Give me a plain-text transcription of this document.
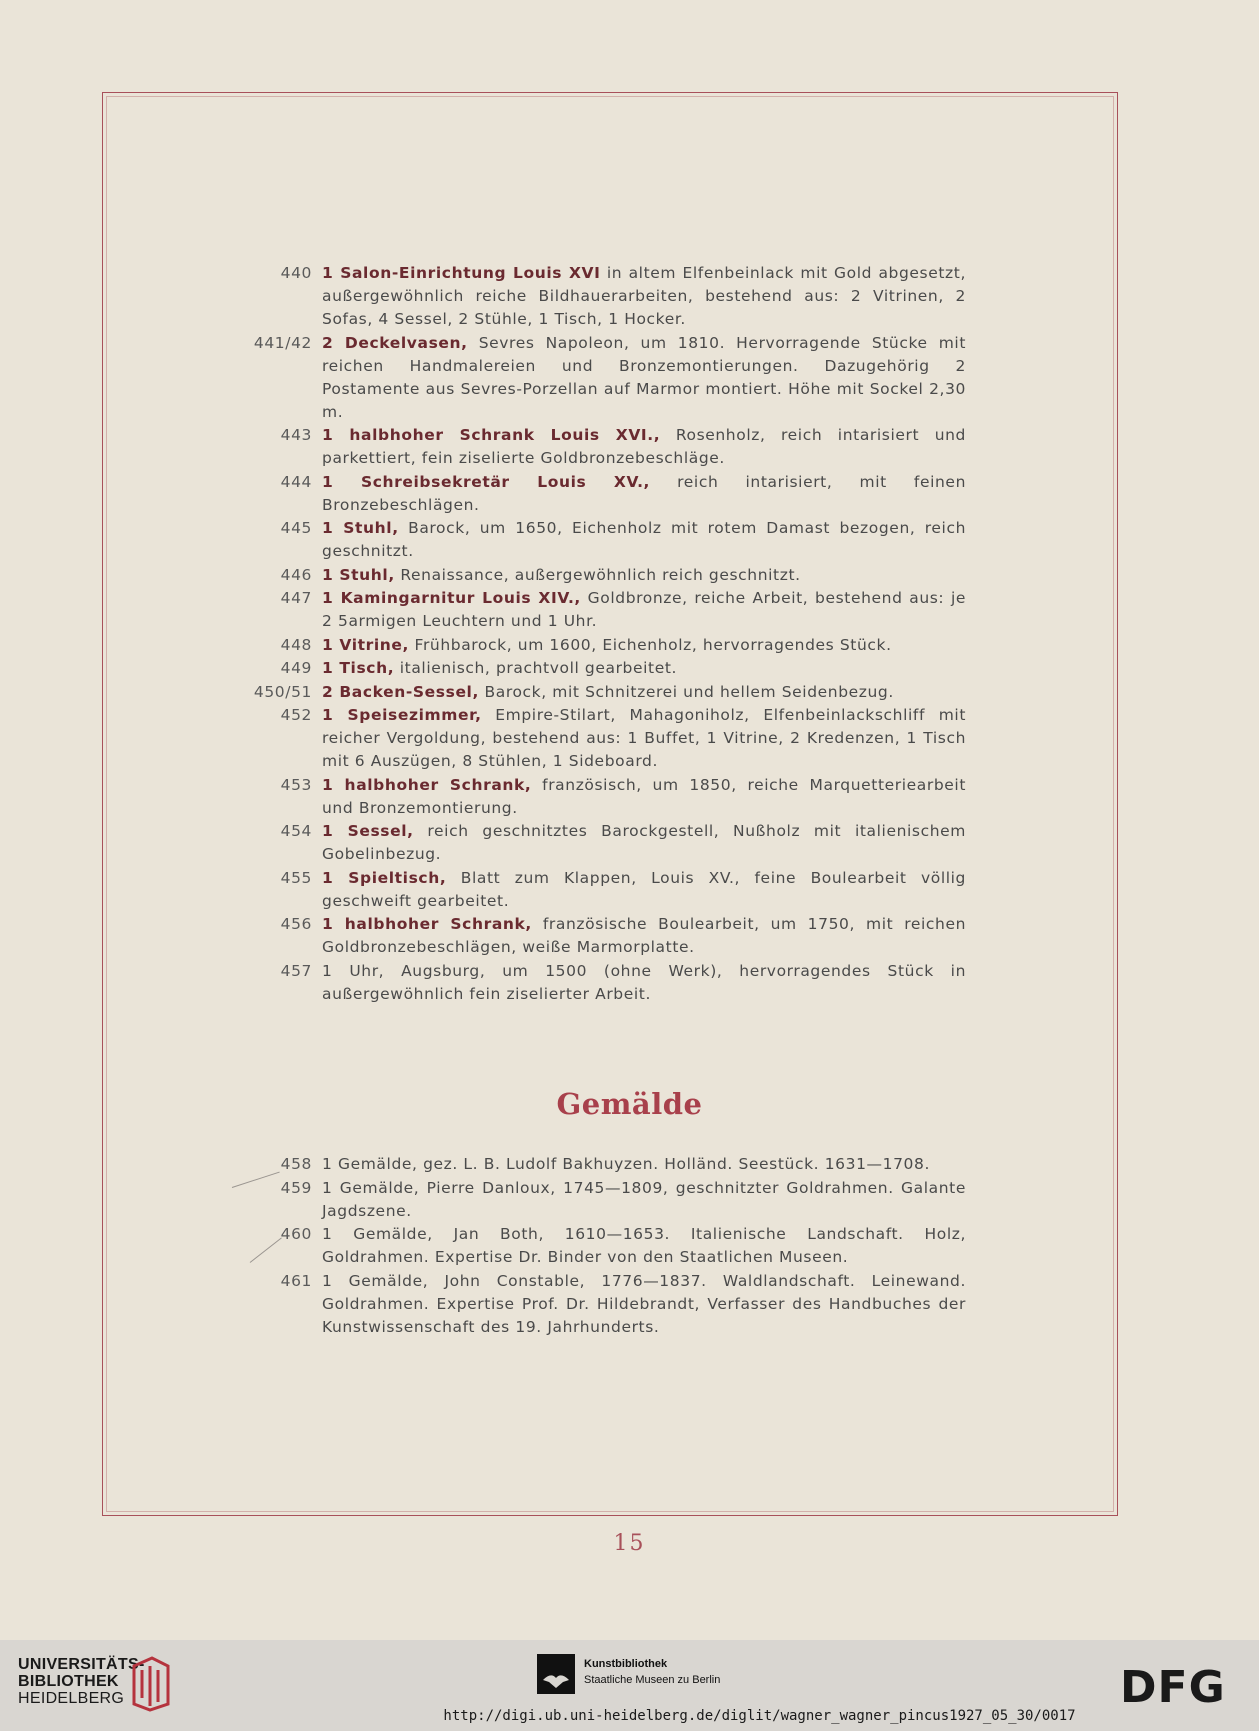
440 1 Salon-Einrichtung Louis XVI in altem Elfenbeinlack mit Gold abgesetzt, außergewöhnlich reiche Bildhauerarbeiten, bestehend aus: 2 Vitrinen, 2 Sofas, 4 Sessel, 2 Stühle, 1 Tisch, 1 Hocker.
441/42 2 Deckelvasen, Sevres Napoleon, um 1810. Hervorragende Stücke mit reichen Handmalereien und Bronzemontierungen. Dazugehörig 2 Postamente aus Sevres-Porzellan auf Marmor montiert. Höhe mit Sockel 2,30 m.
443 1 halbhoher Schrank Louis XVI., Rosenholz, reich intarisiert und parkettiert, fein ziselierte Goldbronzebeschläge.
444 1 Schreibsekretär Louis XV., reich intarisiert, mit feinen Bronzebeschlägen.
445 1 Stuhl, Barock, um 1650, Eichenholz mit rotem Damast bezogen, reich geschnitzt.
446 1 Stuhl, Renaissance, außergewöhnlich reich geschnitzt.
447 1 Kamingarnitur Louis XIV., Goldbronze, reiche Arbeit, bestehend aus: je 2 5armigen Leuchtern und 1 Uhr.
448 1 Vitrine, Frühbarock, um 1600, Eichenholz, hervorragendes Stück.
449 1 Tisch, italienisch, prachtvoll gearbeitet.
450/51 2 Backen-Sessel, Barock, mit Schnitzerei und hellem Seidenbezug.
452 1 Speisezimmer, Empire-Stilart, Mahagoniholz, Elfenbeinlackschliff mit reicher Vergoldung, bestehend aus: 1 Buffet, 1 Vitrine, 2 Kredenzen, 1 Tisch mit 6 Auszügen, 8 Stühlen, 1 Sideboard.
453 1 halbhoher Schrank, französisch, um 1850, reiche Marquetteriearbeit und Bronzemontierung.
454 1 Sessel, reich geschnitztes Barockgestell, Nußholz mit italienischem Gobelinbezug.
455 1 Spieltisch, Blatt zum Klappen, Louis XV., feine Boulearbeit völlig geschweift gearbeitet.
456 1 halbhoher Schrank, französische Boulearbeit, um 1750, mit reichen Goldbronzebeschlägen, weiße Marmorplatte.
457 1 Uhr, Augsburg, um 1500 (ohne Werk), hervorragendes Stück in außergewöhnlich fein ziselierter Arbeit.
Gemälde
458 1 Gemälde, gez. L. B. Ludolf Bakhuyzen. Holländ. Seestück. 1631—1708.
459 1 Gemälde, Pierre Danloux, 1745—1809, geschnitzter Goldrahmen. Galante Jagdszene.
460 1 Gemälde, Jan Both, 1610—1653. Italienische Landschaft. Holz, Goldrahmen. Expertise Dr. Binder von den Staatlichen Museen.
461 1 Gemälde, John Constable, 1776—1837. Waldlandschaft. Leinewand. Goldrahmen. Expertise Prof. Dr. Hildebrandt, Verfasser des Handbuches der Kunstwissenschaft des 19. Jahrhunderts.
15
UNIVERSITÄTS-
BIBLIOTHEK
HEIDELBERG
Kunstbibliothek
Staatliche Museen zu Berlin	DFG
http://digi.ub.uni-heidelberg.de/diglit/wagner_wagner_pincus1927_05_30/0017
